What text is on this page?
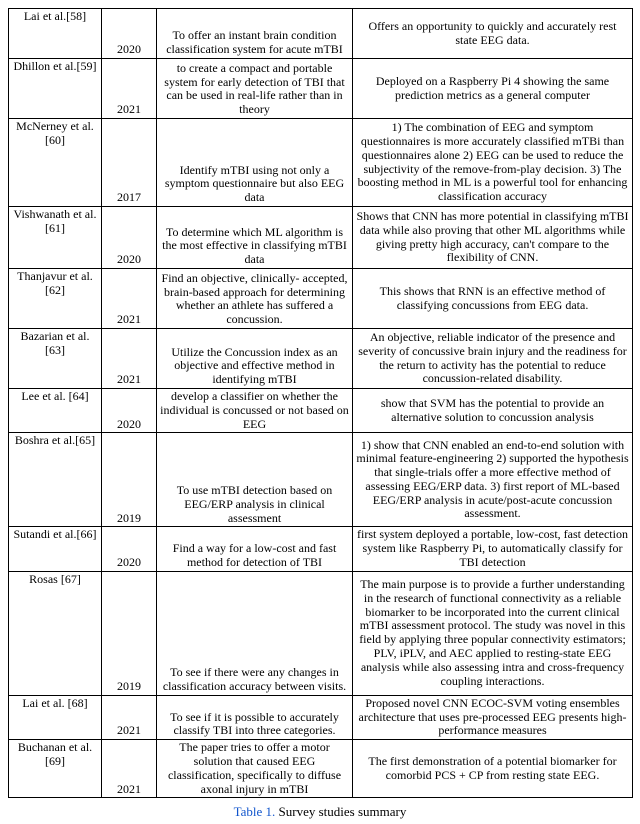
Lai et al.[58]	2020	To offer an instant brain condition classification system for acute mTBI	Offers an opportunity to quickly and accurately rest state EEG data.
Dhillon et al.[59]	2021	to create a compact and portable system for early detection of TBI that can be used in real-life rather than in theory	Deployed on a Raspberry Pi 4 showing the same prediction metrics as a general computer
McNerney et al.[60]	2017	Identify mTBI using not only a symptom questionnaire but also EEG data	1) The combination of EEG and symptom questionnaires is more accurately classified mTBi than questionnaires alone 2) EEG can be used to reduce the subjectivity of the remove-from-play decision. 3) The boosting method in ML is a powerful tool for enhancing classification accuracy
Vishwanath et al.[61]	2020	To determine which ML algorithm is the most effective in classifying mTBI data	Shows that CNN has more potential in classifying mTBI data while also proving that other ML algorithms while giving pretty high accuracy, can't compare to the flexibility of CNN.
Thanjavur et al.[62]	2021	Find an objective, clinically- accepted, brain-based approach for determining whether an athlete has suffered a concussion.	This shows that RNN is an effective method of classifying concussions from EEG data.
Bazarian et al.[63]	2021	Utilize the Concussion index as an objective and effective method in identifying mTBI	An objective, reliable indicator of the presence and severity of concussive brain injury and the readiness for the return to activity has the potential to reduce concussion-related disability.
Lee et al. [64]	2020	develop a classifier on whether the individual is concussed or not based on EEG	show that SVM has the potential to provide an alternative solution to concussion analysis
Boshra et al.[65]	2019	To use mTBI detection based on EEG/ERP analysis in clinical assessment	1) show that CNN enabled an end-to-end solution with minimal feature-engineering 2) supported the hypothesis that single-trials offer a more effective method of assessing EEG/ERP data. 3) first report of ML-based EEG/ERP analysis in acute/post-acute concussion assessment.
Sutandi et al.[66]	2020	Find a way for a low-cost and fast method for detection of TBI	first system deployed a portable, low-cost, fast detection system like Raspberry Pi, to automatically classify for TBI detection
Rosas [67]	2019	To see if there were any changes in classification accuracy between visits.	The main purpose is to provide a further understanding in the research of functional connectivity as a reliable biomarker to be incorporated into the current clinical mTBI assessment protocol. The study was novel in this field by applying three popular connectivity estimators; PLV, iPLV, and AEC applied to resting-state EEG analysis while also assessing intra and cross-frequency coupling interactions.
Lai et al. [68]	2021	To see if it is possible to accurately classify TBI into three categories.	Proposed novel CNN ECOC-SVM voting ensembles architecture that uses pre-processed EEG presents high-performance measures
Buchanan et al.[69]	2021	The paper tries to offer a motor solution that caused EEG classification, specifically to diffuse axonal injury in mTBI	The first demonstration of a potential biomarker for comorbid PCS + CP from resting state EEG.
Table 1. Survey studies summary
